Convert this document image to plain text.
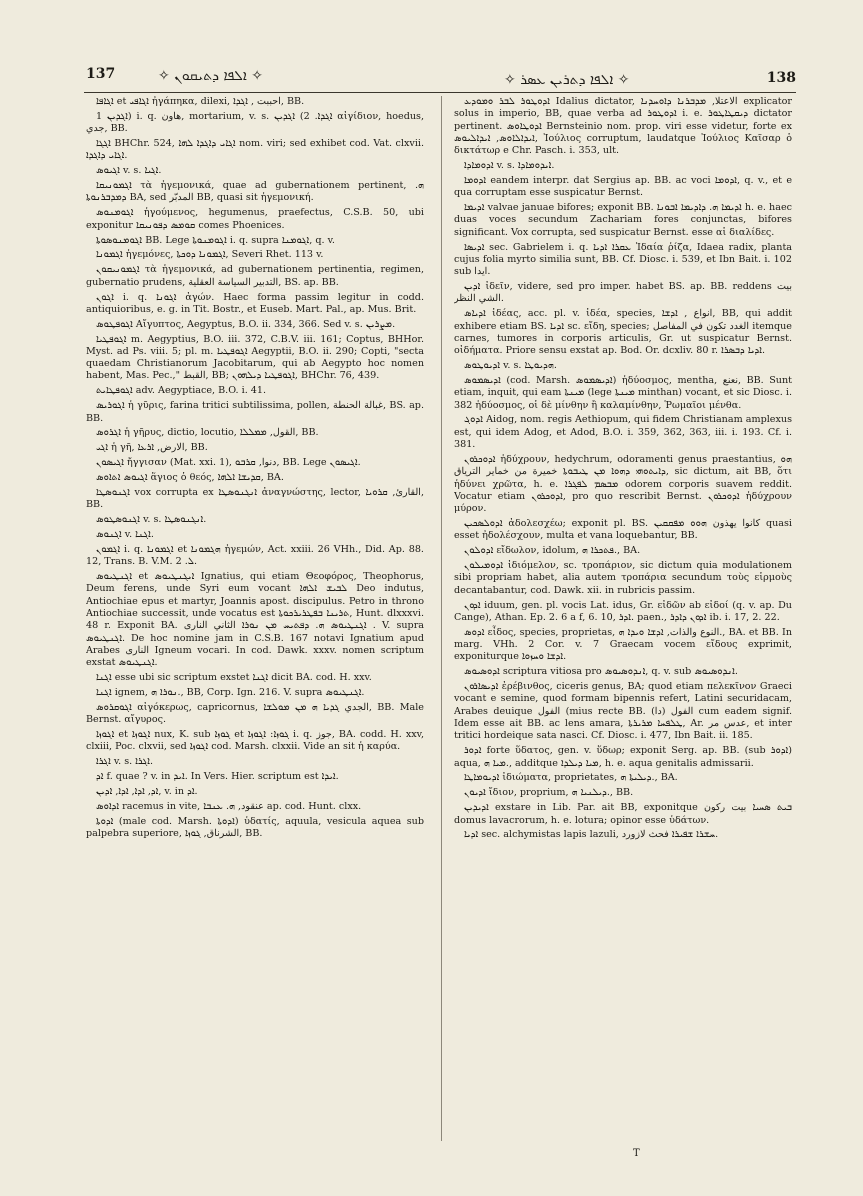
137	✧ ܐܠܦܐ ܕܬܝܩܘܢ ✧	✧ ܐܠܦܐ ܕܬܪܝܢ ܥܣܪ ✧	138

ܐܓܐܦܐ et ܐܓܐܦܝ ἠγάπηκα, dilexi, احببت , ܐܓܕܐ, BB.

ܐܓܕܝܢ 1) i. q. هاون, mortarium, v. s. ܐܓܕܐ. 2) ܐܓܕܝܢ αἰγίδιον, hoedus, جدي, BB.

ܐܓܓܐ BHChr. 524, ܐܓܐܝ ܕܐܓܕܐ ܠܗܐ nom. viri; sed exhibet cod. Vat. clxvii. ܐܓܐܝ ܕܐܓܕܐ.

ܐܓܝܘܣ v. s. ܐܓܝܐ.

ܐܓܡܘܢܝܩܐ τὰ ἡγεμονικά, quae ad gubernationem pertinent, ܗ. ܕܡܕܒܪܢܘܬܐ BA, sed المدبّر BB, quasi sit ἡγεμονική.

ܐܓܘܡܢܘܣ ἡγούμενος, hegumenus, praefectus, C.S.B. 50, ubi exponitur ܩܘܡܣ ܕܦܘܢܝܩܐ comes Phoenices.

ܐܓܘܡܢܘܣܘܬܐ BB. Lege ܐܓܘܡܢܘܬܐ i. q. supra ܐܓܘܡܢܐ, q. v.

ܐܓܡܘܢܐ ἡγεμόνες, ܐܓܡܘܢܐ ܕܘܟܬܐ, Severi Rhet. 113 v.

ܐܓܡܘܢܝܩܘܢ τὰ ἡγεμονικά, ad gubernationem pertinentia, regimen, gubernatio prudens, التدبير السياسة العقلية, BS. ap. BB.

ܐܓܘܢ i. q. ܐܓܘܢܐ ἀγών. Haec forma passim legitur in codd. antiquioribus, e. g. in Tit. Bostr., et Euseb. Mart. Pal., ap. Mus. Brit.

ܐܓܘܦܛܘܣ Αἴγυπτος, Aegyptus, B.O. ii. 334, 366. Sed v. s. ܡܨܪܝܢ.

ܐܓܘܦܛܝܐ m. Aegyptius, B.O. iii. 372, C.B.V. iii. 161; Coptus, BHHor. Myst. ad Ps. viii. 5; pl. m. ܐܓܘܦܛܝܐ Aegyptii, B.O. ii. 290; Copti, "secta quaedam Christianorum Jacobitarum, qui ab Aegypto hoc nomen habent, Mas. Pec.," القبط, BB; ܐܓܘܦܛܝܐ ܕܝܠܗܘܢ, BHChr. 76, 439.

ܐܓܘܦܛܐܝܬ adv. Aegyptiace, B.O. i. 41.

ܐܓܘܪܝܣ ἡ γῦρις, farina tritici subtilissima, pollen, غبالة الحنطة, BS. ap. BB.

ܐܓܪܘܣ ἡ γῆρυς, dictio, locutio, القول, ܡܡܠܠܐ, BB.

ܐܓܝ ἡ γῆ, الارض, ܐܪܥܐ, BB.

ܐܓܝܣܘܢ ἤγγισαν (Mat. xxi. 1), دنوا, ܩܪܒܘ, BB. Lege ܐܓܝܣܘܢ.

ܐܓܝܘܣ ܐܬܐܘܣ ἅγιος ὁ θεός, ܩܕܝܫܐ ܐܠܗܐ, BA.

ܐܓܢܘܣܛܐ vox corrupta ex ܐܢܓܢܘܣܛܐ ἀναγνώστης, lector, القارئ, ܩܪܘܝܐ, BB.

ܐܓܢܘܣܛܘܣ v. s. ܐܢܓܢܘܣܛܐ.

ܐܓܢܘܣ v. ܐܓܢܐ.

ܐܓܡܘܢ i. q. ܐܓܡܘܢܐ et ܗܓܡܘܢܐ ἡγεμών, Act. xxiii. 26 VHh., Did. Ap. 88. 12, Trans. B. V.M. ܠ. 2.

ܐܓܢܛܝܘܣ et ܐܝܓܢܛܝܘܣ Ignatius, qui etiam Θεοφόρος, Theophorus, Deum ferens, unde Syri eum vocant ܠܒܝܫ ܐܠܗܐ Deo indutus, Antiochiae epus et martyr, Joannis apost. discipulus. Petro in throno Antiochiae successit, unde vocatus est ܬܪܝܢܐ ܒܦܛܪܝܪܟܘܬܐ, Hunt. dlxxxvi. 48 r. Exponit BA. ܐܓܢܛܝܘܣ ܗ. ܕܦܬܝܚ ܡܢ ܢܘܪܐ الثاني النارى . V. supra ܐܓܢܛܝܘܣ. De hoc nomine jam in C.S.B. 167 notavi Ignatium apud Arabes النارى Igneum vocari. In cod. Dawk. xxxv. nomen scriptum exstat ܐܓܢܛܝܘܣ.

ܐܓܢܐ esse ubi sic scriptum exstet ܐܓܢܐ dicit BA. cod. H. xxv.

ܐܓܢܐ ignem, ܢܘܪܐ ܗ., BB, Corp. Ign. 216. V. supra ܐܓܢܛܝܘܣ.

ܐܓܘܩܪܘܣ αἰγόκερως, capricornus, الجدي ܓܕܝܐ ܗ ܡܢ ܡܘܠܫܐ, BB. Male Bernst. αἴγυρος.

ܐܓܘܙܐ et ܐܓܘܙܐ nux, K. sub ܓܘܙܐ et ܓܘܙܐ: ܐܓܘܙܐ i. q. جوز, BA. codd. H. xxv, clxiii, Poc. clxvii, sed ܐܓܘܙܐ cod. Marsh. clxxii. Vide an sit ἡ καρύα.

ܐܓܪܐ v. s. ܐܓܪܐ.

ܐܕ f. quae ? v. in ܐܝܕ. In Vers. Hier. scriptum est ܐܝܕܐ.

ܐܕ, ܐܕܐ, ܐܕܐ, ܐܕܝܢ, v. in ܐܕ.

ܐܕܐܘܣ racemus in vite, عنقود, ܗ. ܥܢܒܐ ap. cod. Hunt. clxx.

ܐܕܘܬܐ (male cod. Marsh. ܐܕܘܬܐ) ὑδατίς, aquula, vesicula aquea sub palpebra superiore, الشرناق, ܓܘܙܐ, BB.

ܐܕܘܛܘܪ ܠܒܪ ܘܡܘܕܥ Idalius dictator, الاعتلا, ܡܕܒܪܢܐ ܕܐܘܚܕܢܐ explicator solus in imperio, BB, quae verba ad ܐܕܘܛܘܪ i. e. ܕܝܩܛܐܛܘܪ dictator pertinent. ܐܕܘܛܐܘܣ Bernsteinio nom. prop. viri esse videtur, forte ex ܐܝܕܐܠܐܘܣ, ܐܝܕܐܠܝܘܣ, Ἰούλιος corruptum, laudatque Ἰούλιος Καῖσαρ ὁ δικτάτωρ e Chr. Pasch. i. 353, ult.

ܐܕܘܡܐܕܐ v. s. ܐܝܕܘܡܐܕܐ.

ܐܕܘܡܐ eandem interpr. dat Sergius ap. BB. ac voci ܐܕܘܡܐ, q. v., et e qua corruptam esse suspicatur Bernst.

ܐܕܝܡܐ valvae januae bifores; exponit BB. ܐܕܝܡܐ ܗ. ܕܐܕܝܡܐ ܐܒܘܢܐ h. e. haec duas voces secundum Zachariam fores conjunctas, bifores significant. Vox corrupta, sed suspicatur Bernst. esse αἱ διαλίδες.

ܐܕܝܣܐ sec. Gabrielem i. q. ܥܩܪܐ ܐܕܝܐ Ἰδαία ῥίζα, Idaea radix, planta cujus folia myrto similia sunt, BB. Cf. Diosc. i. 539, et Ibn Bait. i. 102 sub ايدا.

ܐܕܝܢ ἰδεῖν, videre, sed pro imper. habet BS. ap. BB. reddens بيت الشي النظر.

ܐܕܝܐܣ ἰδέας, acc. pl. v. ἰδέα, species, انواع , ܐܕܫܐ, BB, qui addit exhibere etiam BS. ܐܕܝܐ sc. εἴδη, species; الغدد تكون في المفاصل itemque carnes, tumores in corporis articulis, Gr. ut suspicatur Bernst. οἰδήματα. Priore sensu exstat ap. Bod. Or. dcxliv. 80 r. ܐܕܝܐ ܕܒܣܪܐ.

ܐܕܝܘܛܘܣ v. s. ܗܕܝܘܛܐ.

ܐܕܝܣܡܘܣ (cod. Marsh. ܐܕܝܣܡܘܣ) ἡδύοσμος, mentha, نعنع, BB. Sunt etiam, inquit, qui eam ܡܝܢܬܐ (lege ܡܝܢܬܐ minthan) vocant, et sic Diosc. i. 382 ἡδύοσμος, οἱ δὲ μίνθην ἢ καλαμίνθην, Ῥωμαῖοι μένθα.

ܐܕܘܓ Aidog, nom. regis Aethiopum, qui fidem Christianam amplexus est, qui idem Adog, et Adod, B.O. i. 359, 362, 363, iii. i. 193. Cf. i. 381.

ܐܕܘܟܪܘܢ ἡδύχρουν, hedychrum, odoramenti genus praestantius, ܗܘ ܕܐܝܬܘܗܝ ܕܗܘܐ ܡܢ ܛܝܒܘܬܐ خميرة من خماير الترياق, sic dictum, ait BB, ὅτι ἡδύνει χρῶτα, h. e. ܡܒܣܡ ܠܦܓܪܐ odorem corporis suavem reddit. Vocatur etiam ܐܕܘܟܪܘܢ, pro quo rescribit Bernst. ܐܕܘܟܪܘܢ ἡδύχρουν μύρον.

ܐܕܘܠܣܟܝܢ ἀδολεσχέω; exponit pl. BS. كانوا يهذون ܗܘܘ ܡܦܩܩܝܢ quasi esset ἠδολέσχουν, multa et vana loquebantur, BB.

ܐܕܘܠܘܢ εἴδωλον, idolum, ܦܬܟܪܐ ܗ., BA.

ܐܕܘܡܝܠܘܢ ἰδιόμελον, sc. τροπάριον, sic dictum quia modulationem sibi propriam habet, alia autem τροπάρια secundum τοὺς εἱρμοὺς decantabantur, cod. Dawk. xii. in rubricis passim.

ܐܕܘܢ iduum, gen. pl. vocis Lat. idus, Gr. εἰδῶν ab εἰδοί (q. v. ap. Du Cange), Athan. Ep. 2. 6 a f, 6. 10, ܐܕܪ. paen., ܐܕܘܢ ܕܐܕܪ ib. i. 17, 2. 22.

ܐܕܘܣ εἶδος, species, proprietas, النوع والذات, ܐܕܫܐ ܘܝܕܐ ܗ., BA. et BB. In marg. VHh. 2 Cor. v. 7 Graecam vocem εἴδους exprimit, exponiturque ܐܕܫܐ ܘܚܙܘܐ.

ܐܕܘܣܝܘܣ scriptura vitiosa pro ܐܢܕܘܣܝܘܣ, q. v. sub ܐܢܕܘܣܝܘܣ.

ܐܕܝܣܐܪܘܢ ἐρέβινθος, ciceris genus, BA; quod etiam πελεκῖνον Graeci vocant e semine, quod formam bipennis refert, Latini securidacam, Arabes deuique الفول (mius recte BB. الفول (دا) cum eadem signif. Idem esse ait BB. ac lens amara, ܛܠܦܚܐ ܡܪܝܪܬܐ, Ar. عدس مر, et inter tritici hordeique sata nasci. Cf. Diosc. i. 477, Ibn Bait. ii. 185.

ܐܕܘܪ forte ὕδατος, gen. v. ὕδωρ; exponit Serg. ap. BB. (sub ܐܕܘܪ) aqua, ܡܝܐ ܗ., additque ܡܝܐ ܕܝܠܕܐ, h. e. aqua genitalis admissarii.

ܐܕܝܘܡܐܛܐ ἰδιώματα, proprietates, ܕܝܠܝܬܐ ܗ., BA.

ܐܕܝܘܢ ἴδιον, proprium, ܕܝܠܢܝܐ ܗ., BB.

ܐܕܝܕܝܢ exstare in Lib. Par. ait BB, exponitque ܒܝܬ ܣܚܝܐ بيت ركون domus lavacrorum, h. e. lotura; opinor esse ὑδάτων.

ܐܕܝܐ sec. alchymistas lapis lazuli, ܚܫܪܐ ܫܦܝܪܐ فحث لازورد.

T
